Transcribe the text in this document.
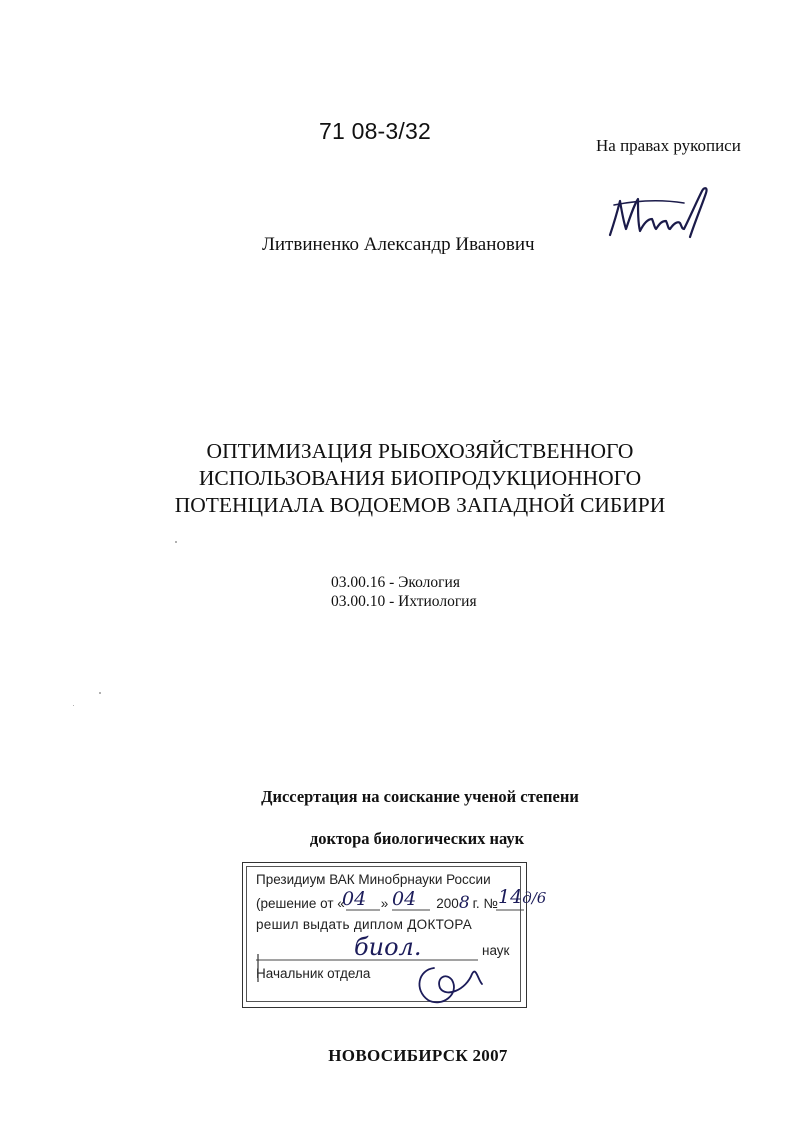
71 08-3/32
На правах рукописи
Литвиненко Александр Иванович
ОПТИМИЗАЦИЯ РЫБОХОЗЯЙСТВЕННОГО
ИСПОЛЬЗОВАНИЯ БИОПРОДУКЦИОННОГО
ПОТЕНЦИАЛА ВОДОЕМОВ ЗАПАДНОЙ СИБИРИ
03.00.16 - Экология
03.00.10 - Ихтиология
Диссертация на соискание ученой степени
доктора биологических наук
Президиум ВАК Минобрнауки России
(решение от «	»	2008 г. №
04 04	14д/6
решил выдать диплом ДОКТОРА
биол.	наук
Начальник отдела
НОВОСИБИРСК 2007
